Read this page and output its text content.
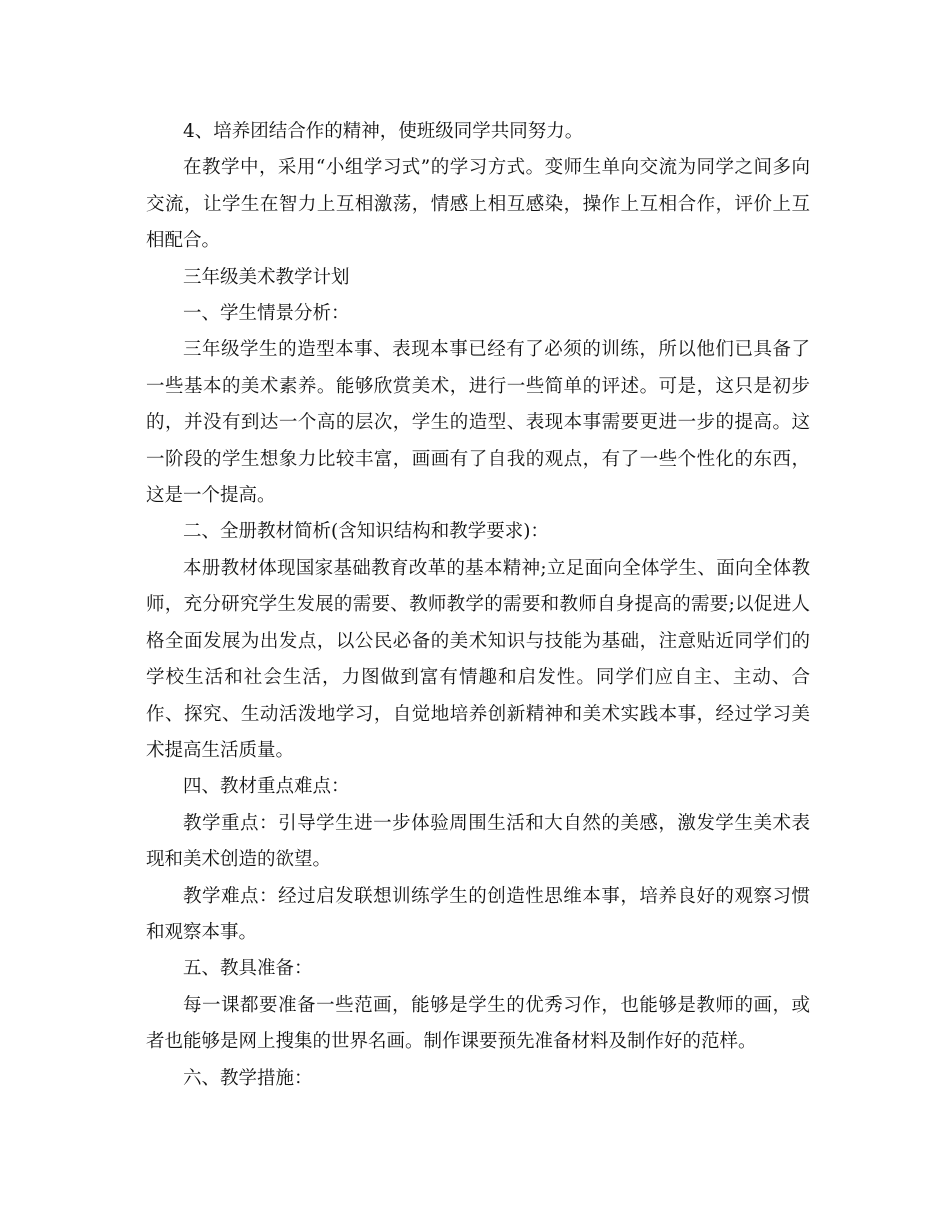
4、培养团结合作的精神，使班级同学共同努力。

在教学中，采用“小组学习式”的学习方式。变师生单向交流为同学之间多向交流，让学生在智力上互相激荡，情感上相互感染，操作上互相合作，评价上互相配合。

三年级美术教学计划

一、学生情景分析：

三年级学生的造型本事、表现本事已经有了必须的训练，所以他们已具备了一些基本的美术素养。能够欣赏美术，进行一些简单的评述。可是，这只是初步的，并没有到达一个高的层次，学生的造型、表现本事需要更进一步的提高。这一阶段的学生想象力比较丰富，画画有了自我的观点，有了一些个性化的东西，这是一个提高。

二、全册教材简析(含知识结构和教学要求)：

本册教材体现国家基础教育改革的基本精神;立足面向全体学生、面向全体教师，充分研究学生发展的需要、教师教学的需要和教师自身提高的需要;以促进人格全面发展为出发点，以公民必备的美术知识与技能为基础，注意贴近同学们的学校生活和社会生活，力图做到富有情趣和启发性。同学们应自主、主动、合作、探究、生动活泼地学习，自觉地培养创新精神和美术实践本事，经过学习美术提高生活质量。

四、教材重点难点：

教学重点：引导学生进一步体验周围生活和大自然的美感，激发学生美术表现和美术创造的欲望。

教学难点：经过启发联想训练学生的创造性思维本事，培养良好的观察习惯和观察本事。

五、教具准备：

每一课都要准备一些范画，能够是学生的优秀习作，也能够是教师的画，或者也能够是网上搜集的世界名画。制作课要预先准备材料及制作好的范样。

六、教学措施：
